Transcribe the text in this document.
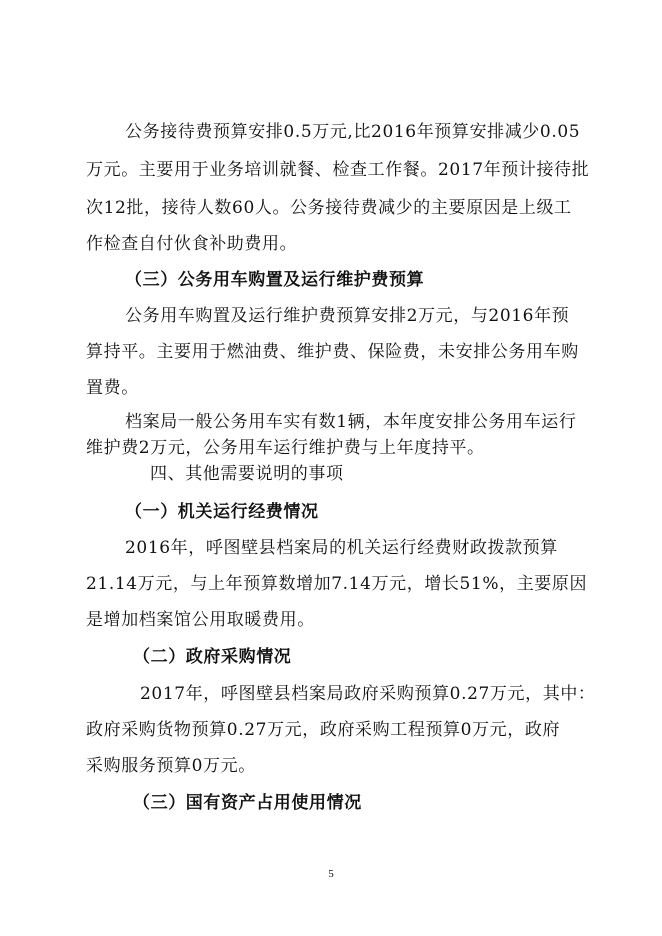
公务接待费预算安排0.5万元,比2016年预算安排减少0.05
万元。主要用于业务培训就餐、检查工作餐。2017年预计接待批
次12批，接待人数60人。公务接待费减少的主要原因是上级工
作检查自付伙食补助费用。
（三）公务用车购置及运行维护费预算
公务用车购置及运行维护费预算安排2万元，与2016年预
算持平。主要用于燃油费、维护费、保险费，未安排公务用车购
置费。
档案局一般公务用车实有数1辆，本年度安排公务用车运行
维护费2万元，公务用车运行维护费与上年度持平。
四、其他需要说明的事项
（一）机关运行经费情况
2016年，呼图壁县档案局的机关运行经费财政拨款预算
21.14万元，与上年预算数增加7.14万元，增长51%，主要原因
是增加档案馆公用取暖费用。
（二）政府采购情况
2017年，呼图壁县档案局政府采购预算0.27万元，其中：
政府采购货物预算0.27万元，政府采购工程预算0万元，政府
采购服务预算0万元。
（三）国有资产占用使用情况
5
